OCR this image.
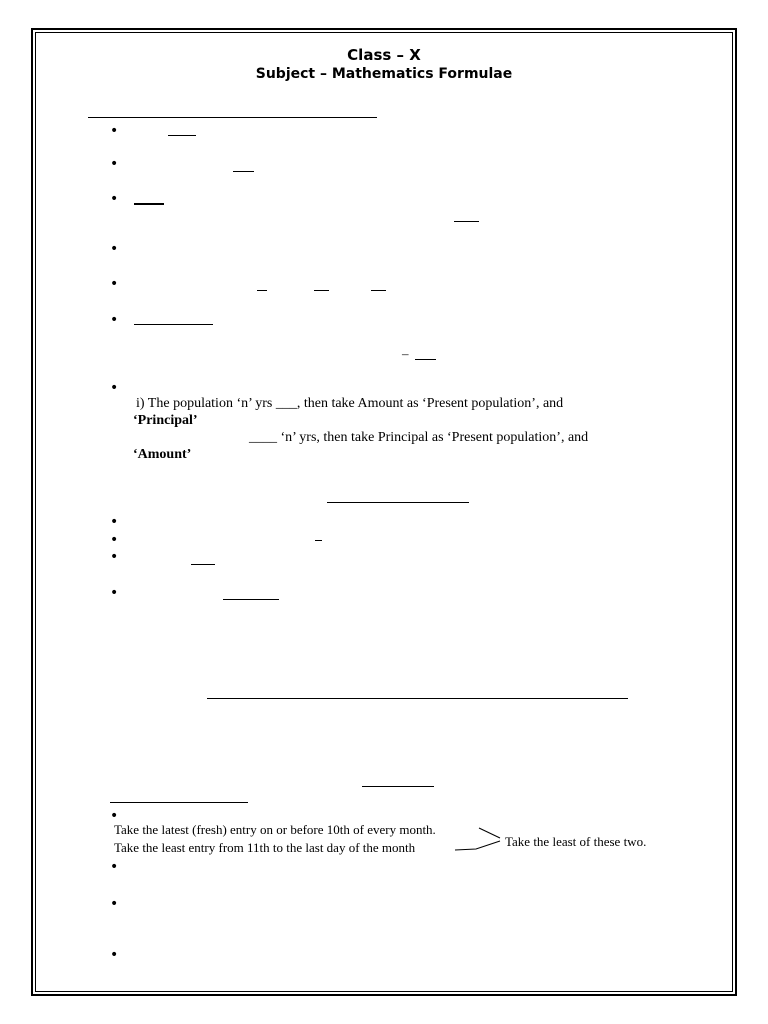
Class – X
Subject – Mathematics Formulae
•
•
•
•
•
•
–
•
i) The population ‘n’ yrs ___, then take Amount as ‘Present population’, and
‘Principal’
____ ‘n’ yrs, then take Principal as ‘Present population’, and
‘Amount’
•
•
•
•
•
Take the latest (fresh) entry on or before 10th of every month.
Take the least entry from 11th to the last day of the month	Take the least of these two.
•
•
•
